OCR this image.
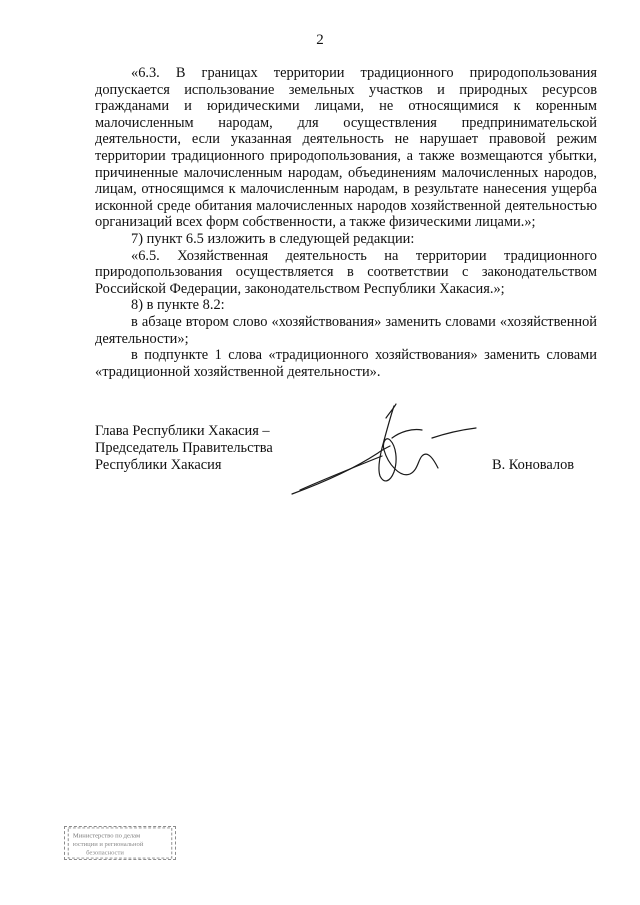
2

«6.3. В границах территории традиционного природопользования допускается использование земельных участков и природных ресурсов гражданами и юридическими лицами, не относящимися к коренным малочисленным народам, для осуществления предпринимательской деятельности, если указанная деятельность не нарушает правовой режим территории традиционного природопользования, а также возмещаются убытки, причиненные малочисленным народам, объединениям малочисленных народов, лицам, относящимся к малочисленным народам, в результате нанесения ущерба исконной среде обитания малочисленных народов хозяйственной деятельностью организаций всех форм собственности, а также физическими лицами.»;

7) пункт 6.5 изложить в следующей редакции:

«6.5. Хозяйственная деятельность на территории традиционного природопользования осуществляется в соответствии с законодательством Российской Федерации, законодательством Республики Хакасия.»;

8) в пункте 8.2:

в абзаце втором слово «хозяйствования» заменить словами «хозяйственной деятельности»;

в подпункте 1 слова «традиционного хозяйствования» заменить словами «традиционной хозяйственной деятельности».

Глава Республики Хакасия –
Председатель Правительства
Республики Хакасия	В. Коновалов
Министерство по делам
юстиции и региональной
безопасности
